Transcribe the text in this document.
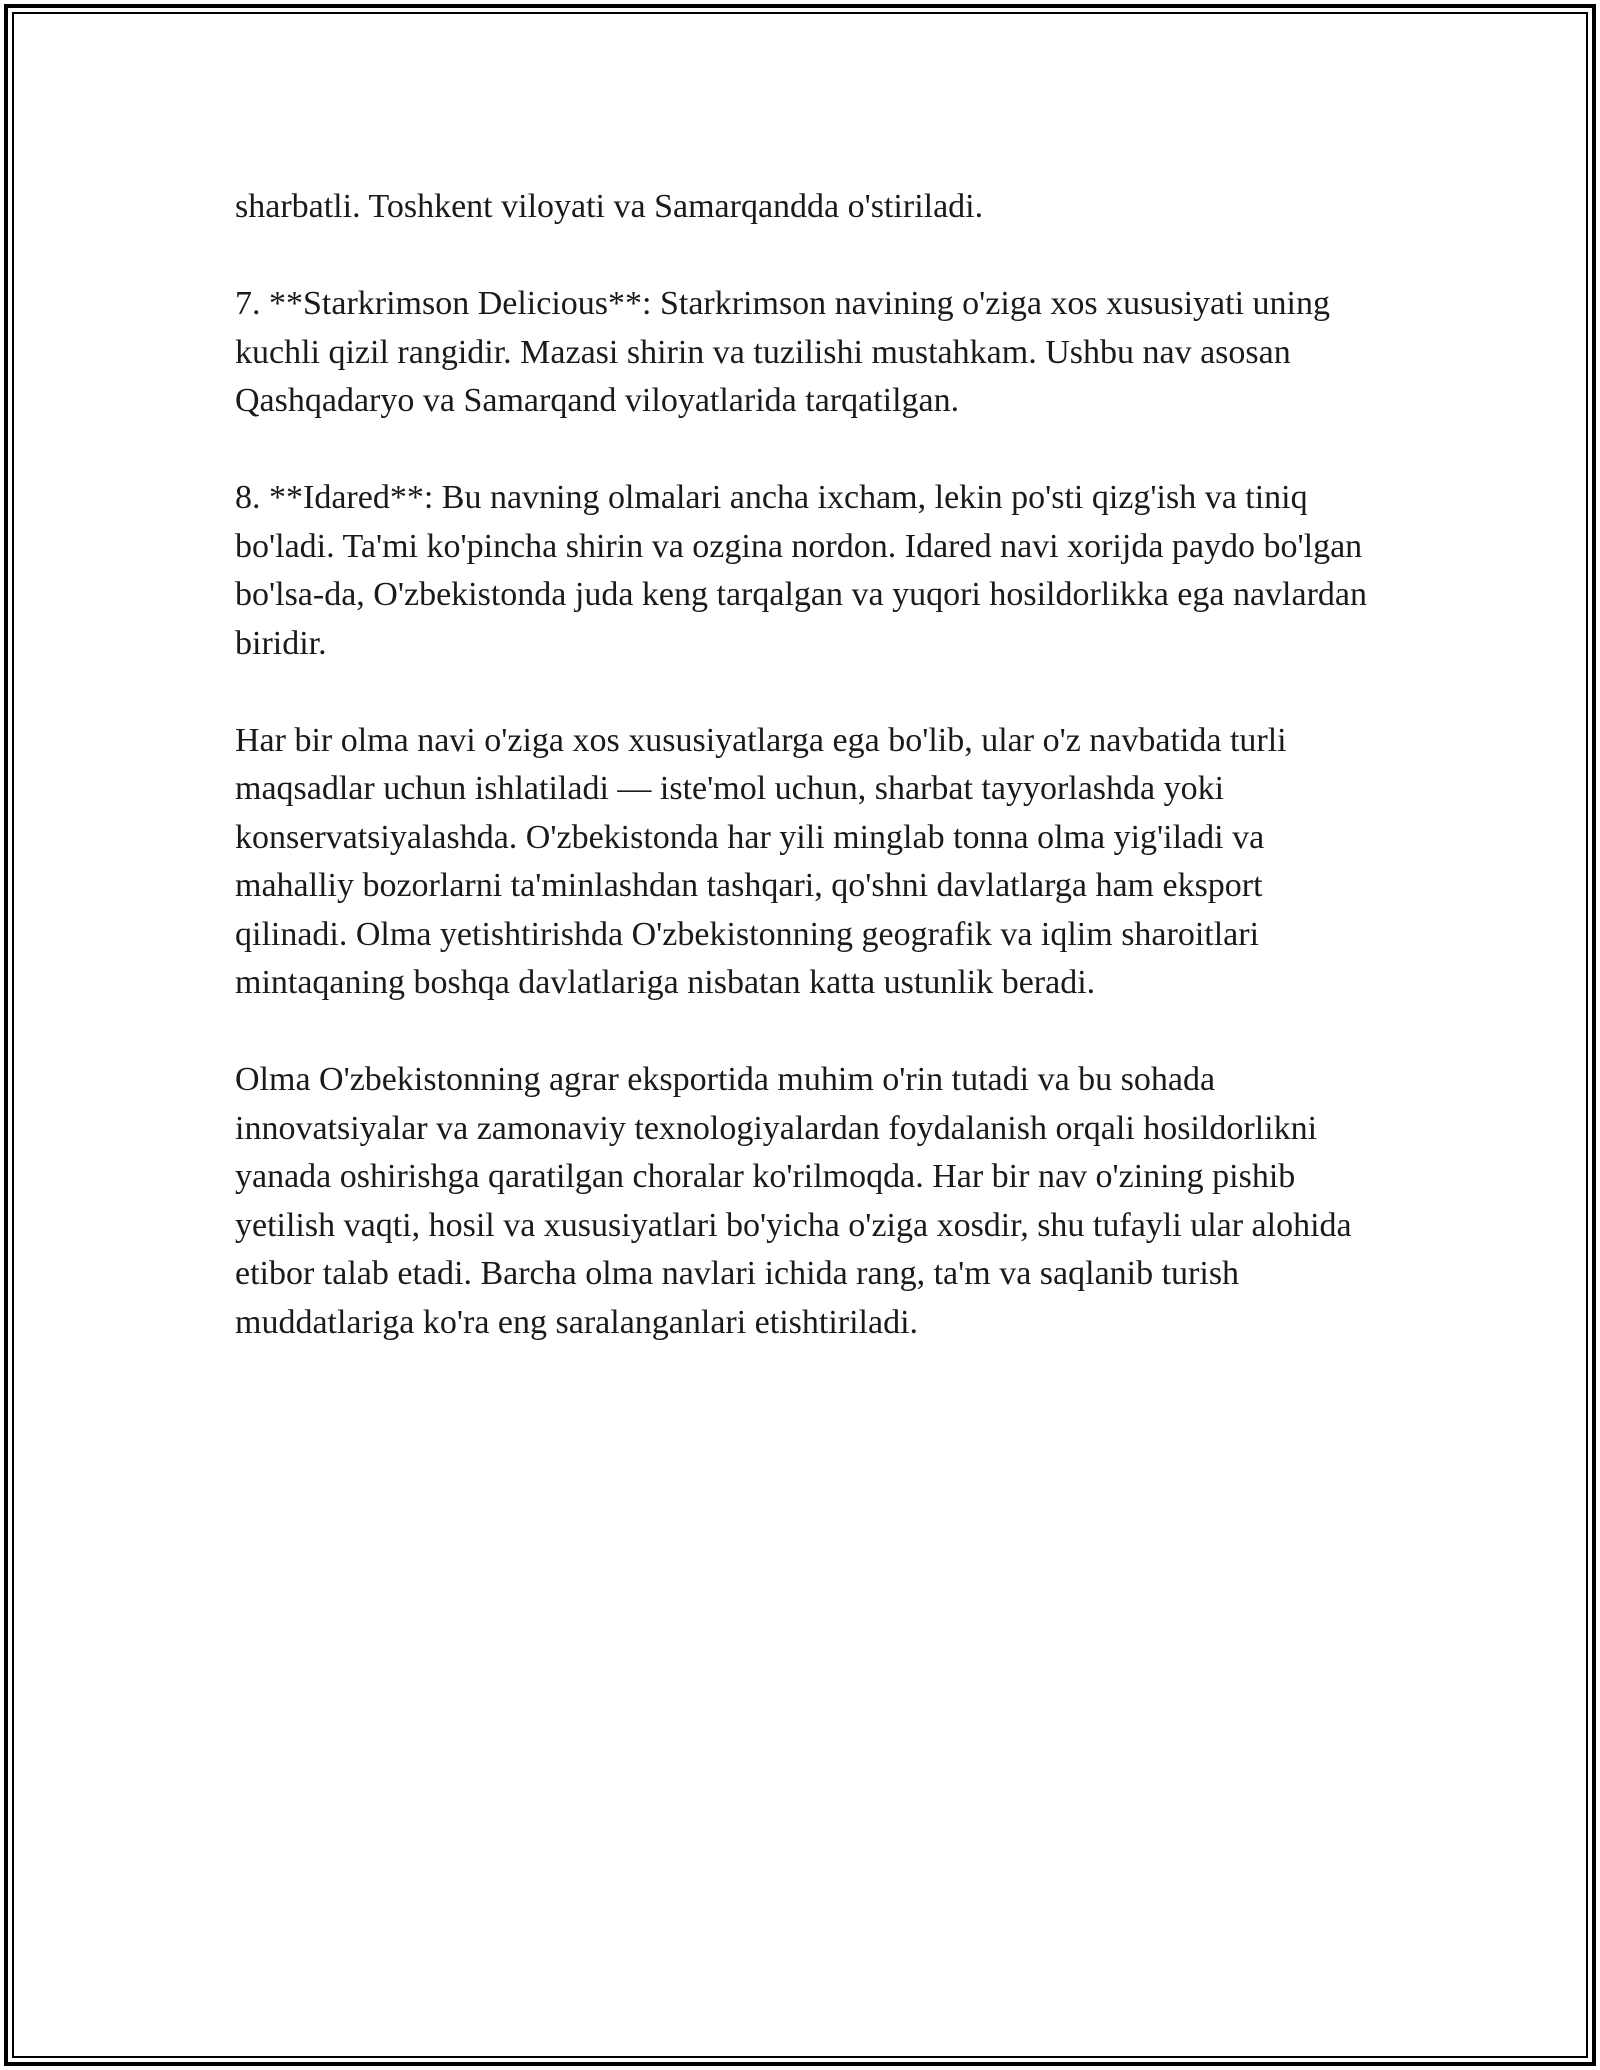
sharbatli. Toshkent viloyati va Samarqandda o'stiriladi.

7. **Starkrimson Delicious**: Starkrimson navining o'ziga xos xususiyati uning kuchli qizil rangidir. Mazasi shirin va tuzilishi mustahkam. Ushbu nav asosan Qashqadaryo va Samarqand viloyatlarida tarqatilgan.

8. **Idared**: Bu navning olmalari ancha ixcham, lekin po'sti qizg'ish va tiniq bo'ladi. Ta'mi ko'pincha shirin va ozgina nordon. Idared navi xorijda paydo bo'lgan bo'lsa-da, O'zbekistonda juda keng tarqalgan va yuqori hosildorlikka ega navlardan biridir.

Har bir olma navi o'ziga xos xususiyatlarga ega bo'lib, ular o'z navbatida turli maqsadlar uchun ishlatiladi — iste'mol uchun, sharbat tayyorlashda yoki konservatsiyalashda. O'zbekistonda har yili minglab tonna olma yig'iladi va mahalliy bozorlarni ta'minlashdan tashqari, qo'shni davlatlarga ham eksport qilinadi. Olma yetishtirishda O'zbekistonning geografik va iqlim sharoitlari mintaqaning boshqa davlatlariga nisbatan katta ustunlik beradi.

Olma O'zbekistonning agrar eksportida muhim o'rin tutadi va bu sohada innovatsiyalar va zamonaviy texnologiyalardan foydalanish orqali hosildorlikni yanada oshirishga qaratilgan choralar ko'rilmoqda. Har bir nav o'zining pishib yetilish vaqti, hosil va xususiyatlari bo'yicha o'ziga xosdir, shu tufayli ular alohida etibor talab etadi. Barcha olma navlari ichida rang, ta'm va saqlanib turish muddatlariga ko'ra eng saralanganlari etishtiriladi.
